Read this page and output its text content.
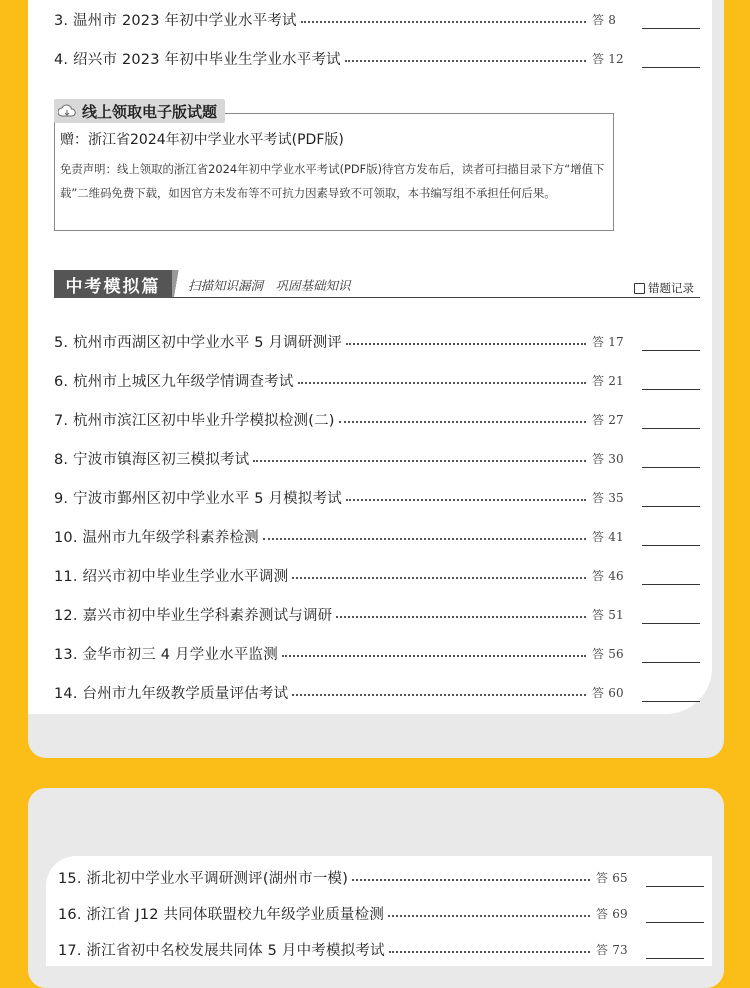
3. 温州市 2023 年初中学业水平考试	答 8
4. 绍兴市 2023 年初中毕业生学业水平考试	答 12
线上领取电子版试题
赠：浙江省2024年初中学业水平考试(PDF版)
免责声明：线上领取的浙江省2024年初中学业水平考试(PDF版)待官方发布后，读者可扫描目录下方“增值下载”二维码免费下载，如因官方未发布等不可抗力因素导致不可领取，本书编写组不承担任何后果。
中考模拟篇	扫描知识漏洞　巩固基础知识	错题记录
5. 杭州市西湖区初中学业水平 5 月调研测评	答 17
6. 杭州市上城区九年级学情调查考试	答 21
7. 杭州市滨江区初中毕业升学模拟检测(二)	答 27
8. 宁波市镇海区初三模拟考试	答 30
9. 宁波市鄞州区初中学业水平 5 月模拟考试	答 35
10. 温州市九年级学科素养检测	答 41
11. 绍兴市初中毕业生学业水平调测	答 46
12. 嘉兴市初中毕业生学科素养测试与调研	答 51
13. 金华市初三 4 月学业水平监测	答 56
14. 台州市九年级教学质量评估考试	答 60
15. 浙北初中学业水平调研测评(湖州市一模)	答 65
16. 浙江省 J12 共同体联盟校九年级学业质量检测	答 69
17. 浙江省初中名校发展共同体 5 月中考模拟考试	答 73
